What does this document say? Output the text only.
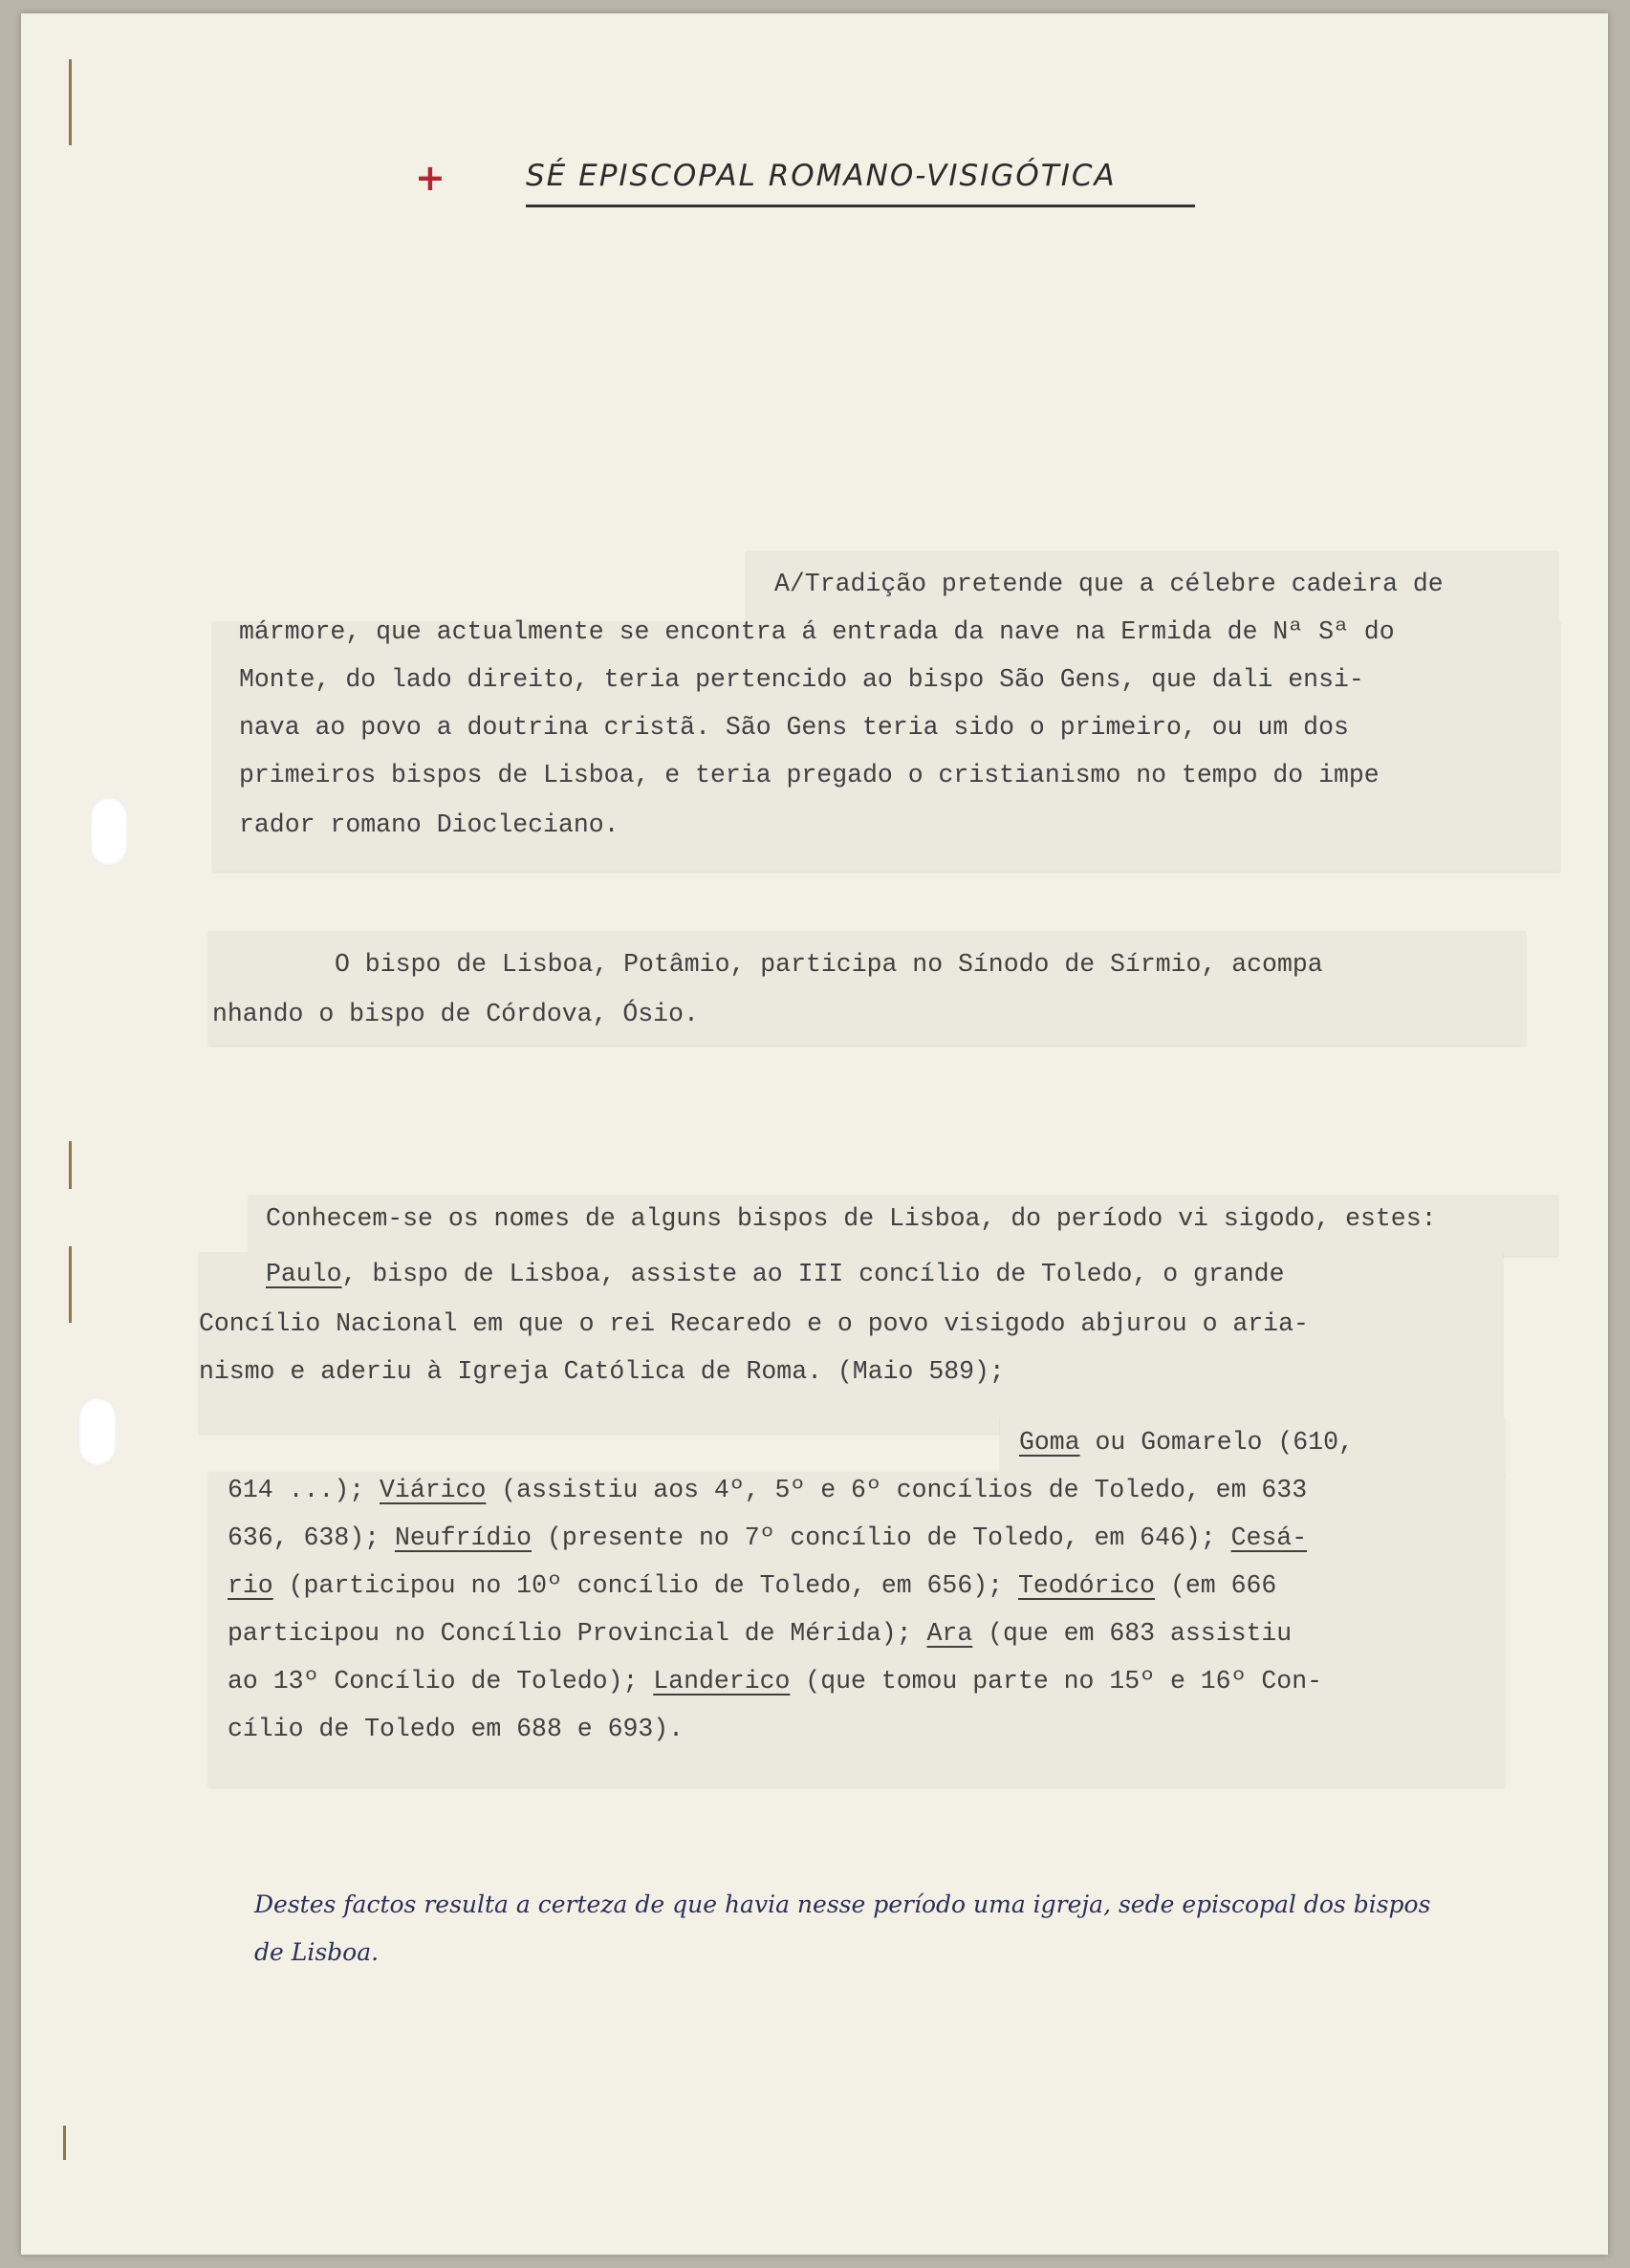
+	SÉ EPISCOPAL ROMANO-VISIGÓTICA

A/Tradição pretende que a célebre cadeira de

mármore, que actualmente se encontra á entrada da nave na Ermida de Nª Sª do

Monte, do lado direito, teria pertencido ao bispo São Gens, que dali ensi-

nava ao povo a doutrina cristã. São Gens teria sido o primeiro, ou um dos

primeiros bispos de Lisboa, e teria pregado o cristianismo no tempo do impe

rador romano Diocleciano.

O bispo de Lisboa, Potâmio, participa no Sínodo de Sírmio, acompa

nhando o bispo de Córdova, Ósio.

Conhecem-se os nomes de alguns bispos de Lisboa, do período vi sigodo, estes:

Paulo, bispo de Lisboa, assiste ao III concílio de Toledo, o grande

Concílio Nacional em que o rei Recaredo e o povo visigodo abjurou o aria-

nismo e aderiu à Igreja Católica de Roma. (Maio 589);

Goma ou Gomarelo (610,

614 ...); Viárico (assistiu aos 4º, 5º e 6º concílios de Toledo, em 633

636, 638); Neufrídio (presente no 7º concílio de Toledo, em 646); Cesá-

rio (participou no 10º concílio de Toledo, em 656); Teodórico (em 666

participou no Concílio Provincial de Mérida); Ara (que em 683 assistiu

ao 13º Concílio de Toledo); Landerico (que tomou parte no 15º e 16º Con-

cílio de Toledo em 688 e 693).

Destes factos resulta a certeza de que havia nesse período uma igreja, sede episcopal dos bispos
de Lisboa.
